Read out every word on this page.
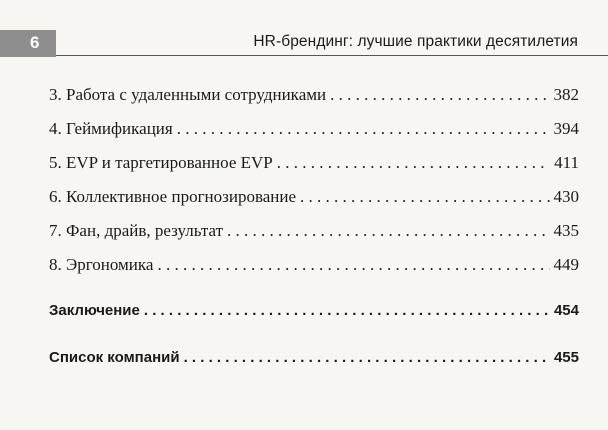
6	HR-брендинг: лучшие практики десятилетия
3. Работа с удаленными сотрудниками . . .	382
4. Геймификация . . .	394
5. EVP и таргетированное EVP . . .	411
6. Коллективное прогнозирование . . .	430
7. Фан, драйв, результат . . .	435
8. Эргономика . . .	449
Заключение . . .	454
Список компаний . . .	455
